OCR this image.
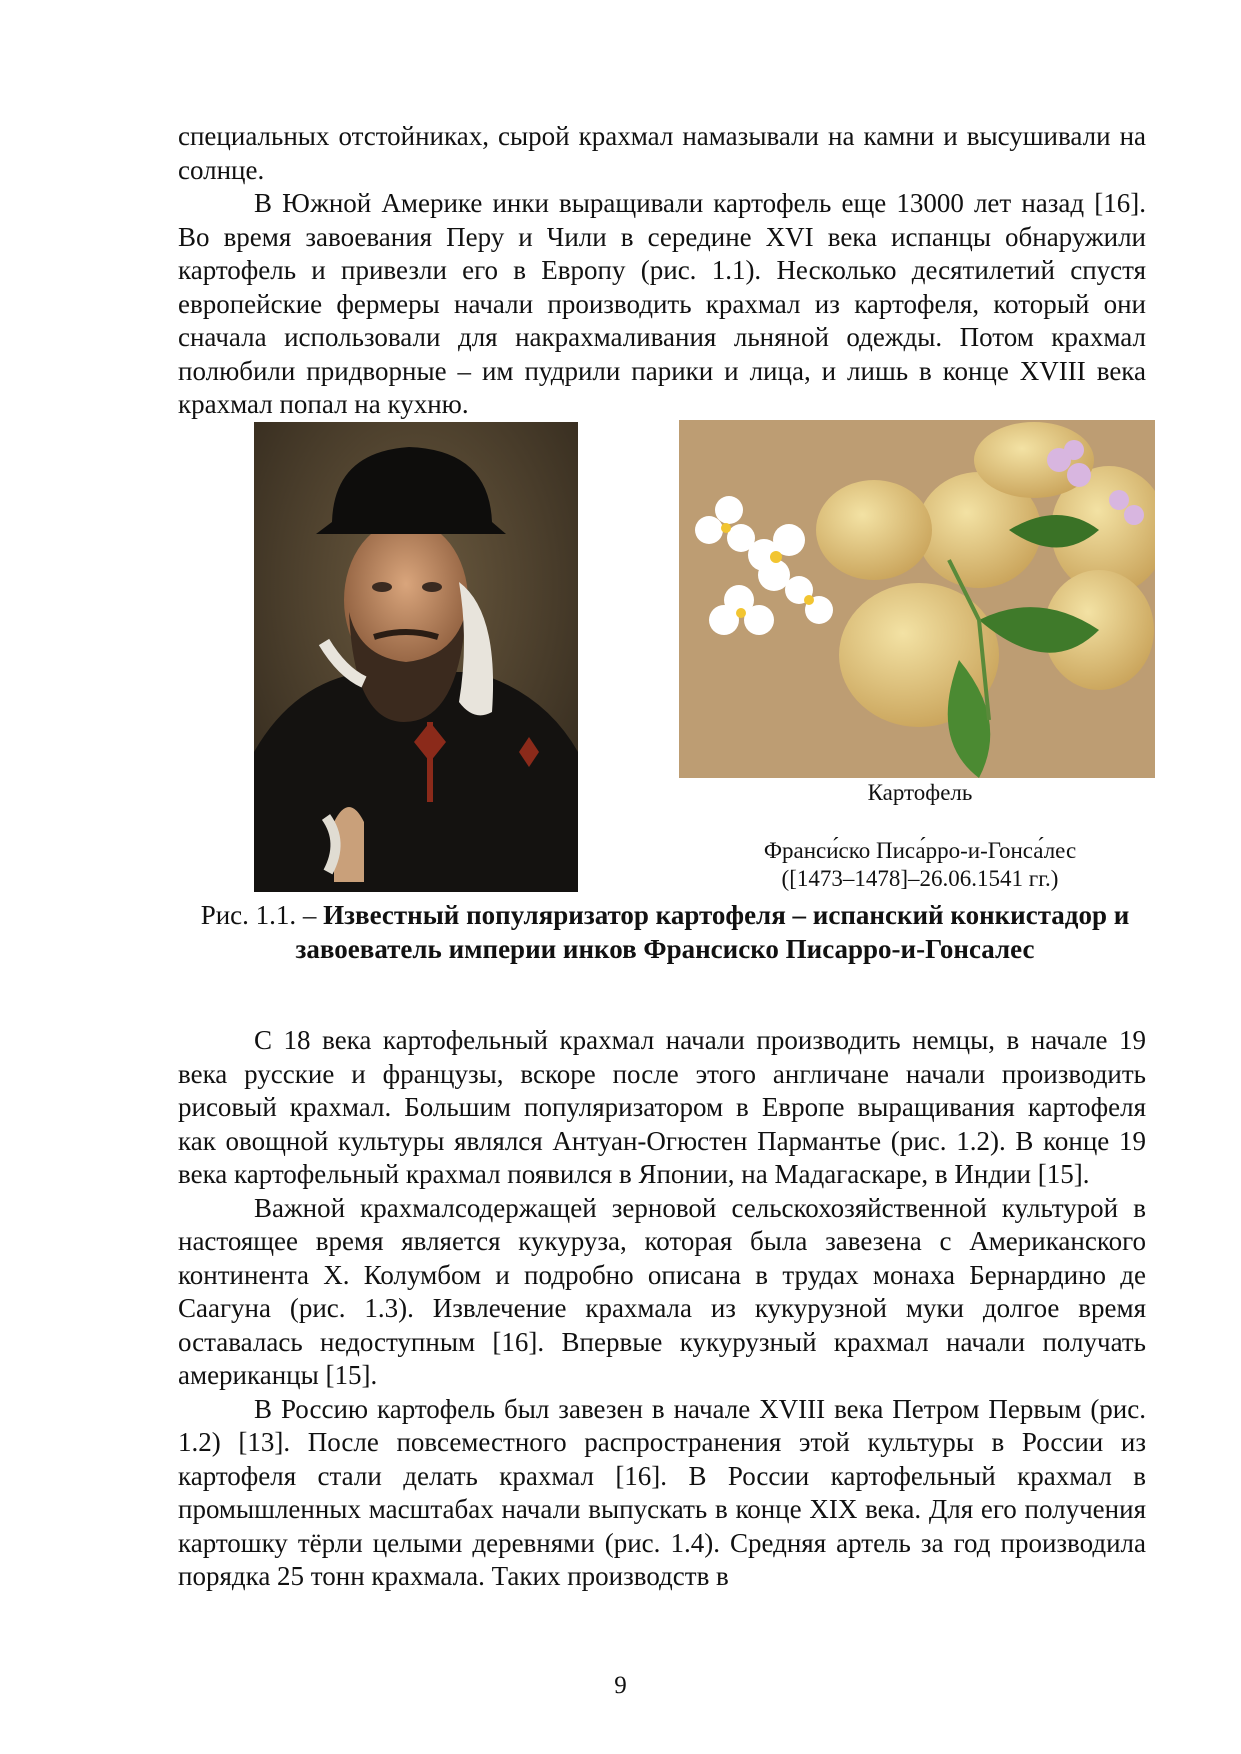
специальных отстойниках, сырой крахмал намазывали на камни и высушивали на солнце.

В Южной Америке инки выращивали картофель еще 13000 лет назад [16]. Во время завоевания Перу и Чили в середине XVI века испанцы обнаружили картофель и привезли его в Европу (рис. 1.1). Несколько десятилетий спустя европейские фермеры начали производить крахмал из картофеля, который они сначала использовали для накрахмаливания льняной одежды. Потом крахмал полюбили придворные – им пудрили парики и лица, и лишь в конце XVIII века крахмал попал на кухню.

Картофель
Франси́ско Писа́рро-и-Гонса́лес
([1473–1478]–26.06.1541 гг.)
Рис. 1.1. – Известный популяризатор картофеля – испанский конкистадор и завоеватель империи инков Франсиско Писарро-и-Гонсалес

С 18 века картофельный крахмал начали производить немцы, в начале 19 века русские и французы, вскоре после этого англичане начали производить рисовый крахмал. Большим популяризатором в Европе выращивания картофеля как овощной культуры являлся Антуан-Огюстен Пармантье (рис. 1.2). В конце 19 века картофельный крахмал появился в Японии, на Мадагаскаре, в Индии [15].

Важной крахмалсодержащей зерновой сельскохозяйственной культурой в настоящее время является кукуруза, которая была завезена с Американского континента Х. Колумбом и подробно описана в трудах монаха Бернардино де Саагуна (рис. 1.3). Извлечение крахмала из кукурузной муки долгое время оставалась недоступным [16]. Впервые кукурузный крахмал начали получать американцы [15].

В Россию картофель был завезен в начале XVIII века Петром Первым (рис. 1.2) [13]. После повсеместного распространения этой культуры в России из картофеля стали делать крахмал [16]. В России картофельный крахмал в промышленных масштабах начали выпускать в конце XIX века. Для его получения картошку тёрли целыми деревнями (рис. 1.4). Средняя артель за год производила порядка 25 тонн крахмала. Таких производств в

9
